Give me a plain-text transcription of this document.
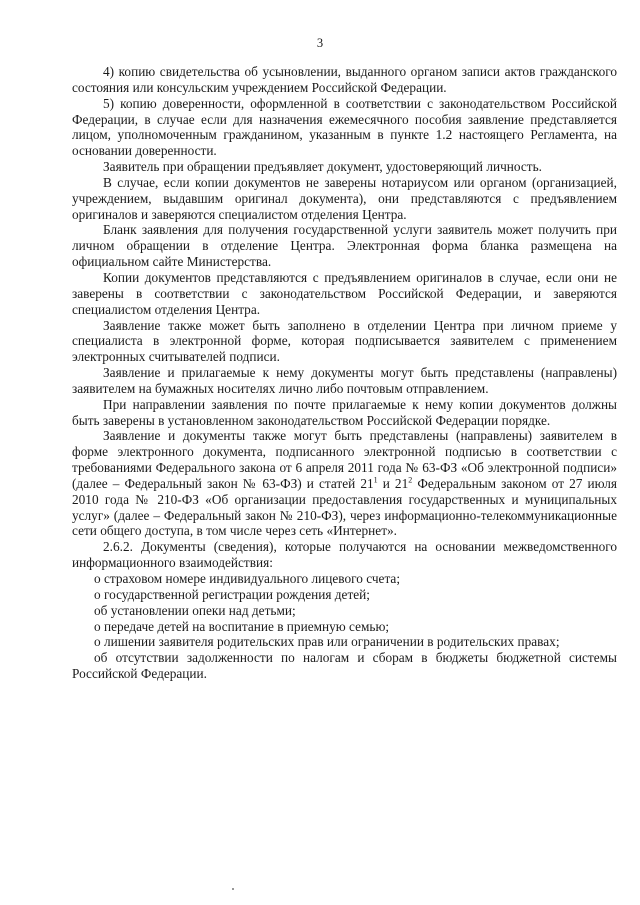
3

4) копию свидетельства об усыновлении, выданного органом записи актов гражданского состояния или консульским учреждением Российской Федерации.

5) копию доверенности, оформленной в соответствии с законодательством Российской Федерации, в случае если для назначения ежемесячного пособия заявление представляется лицом, уполномоченным гражданином, указанным в пункте 1.2 настоящего Регламента, на основании доверенности.

Заявитель при обращении предъявляет документ, удостоверяющий личность.

В случае, если копии документов не заверены нотариусом или органом (организацией, учреждением, выдавшим оригинал документа), они представляются с предъявлением оригиналов и заверяются специалистом отделения Центра.

Бланк заявления для получения государственной услуги заявитель может получить при личном обращении в отделение Центра. Электронная форма бланка размещена на официальном сайте Министерства.

Копии документов представляются с предъявлением оригиналов в случае, если они не заверены в соответствии с законодательством Российской Федерации, и заверяются специалистом отделения Центра.

Заявление также может быть заполнено в отделении Центра при личном приеме у специалиста в электронной форме, которая подписывается заявителем с применением электронных считывателей подписи.

Заявление и прилагаемые к нему документы могут быть представлены (направлены) заявителем на бумажных носителях лично либо почтовым отправлением.

При направлении заявления по почте прилагаемые к нему копии документов должны быть заверены в установленном законодательством Российской Федерации порядке.

Заявление и документы также могут быть представлены (направлены) заявителем в форме электронного документа, подписанного электронной подписью в соответствии с требованиями Федерального закона от 6 апреля 2011 года № 63-ФЗ «Об электронной подписи» (далее – Федеральный закон № 63-ФЗ) и статей $21^1$ и $21^2$ Федеральным законом от 27 июля 2010 года № 210-ФЗ «Об организации предоставления государственных и муниципальных услуг» (далее – Федеральный закон № 210-ФЗ), через информационно-телекоммуникационные сети общего доступа, в том числе через сеть «Интернет».

2.6.2. Документы (сведения), которые получаются на основании межведомственного информационного взаимодействия:

о страховом номере индивидуального лицевого счета;

о государственной регистрации рождения детей;

об установлении опеки над детьми;

о передаче детей на воспитание в приемную семью;

о лишении заявителя родительских прав или ограничении в родительских правах;

об отсутствии задолженности по налогам и сборам в бюджеты бюджетной системы Российской Федерации.
